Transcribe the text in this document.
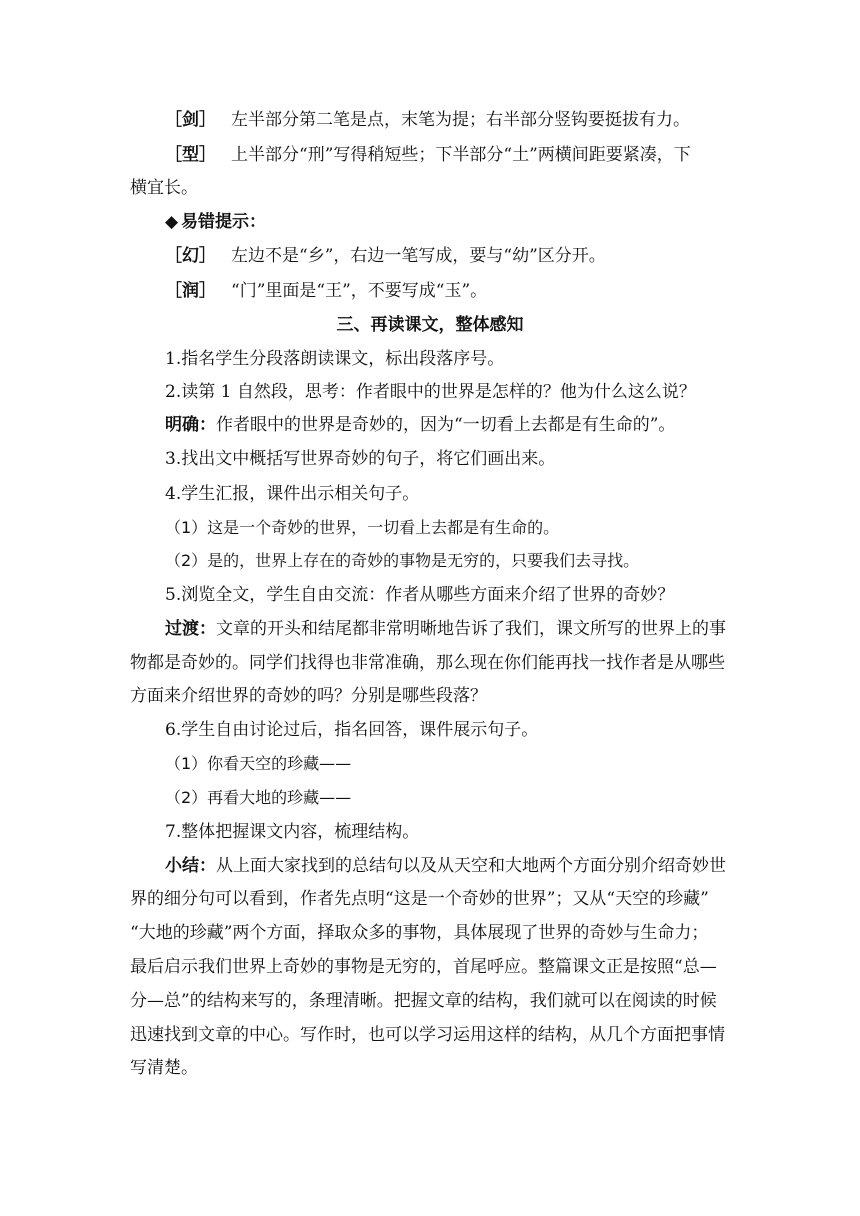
［剑］ 左半部分第二笔是点，末笔为提；右半部分竖钩要挺拔有力。
［型］ 上半部分“刑”写得稍短些；下半部分“土”两横间距要紧凑，下
横宜长。
◆ 易错提示：
［幻］ 左边不是“乡”，右边一笔写成，要与“幼”区分开。
［润］ “门”里面是“王”，不要写成“玉”。
三、再读课文，整体感知
1.指名学生分段落朗读课文，标出段落序号。
2.读第 1 自然段，思考：作者眼中的世界是怎样的？他为什么这么说？
明确：作者眼中的世界是奇妙的，因为“一切看上去都是有生命的”。
3.找出文中概括写世界奇妙的句子，将它们画出来。
4.学生汇报，课件出示相关句子。
（1）这是一个奇妙的世界，一切看上去都是有生命的。
（2）是的，世界上存在的奇妙的事物是无穷的，只要我们去寻找。
5.浏览全文，学生自由交流：作者从哪些方面来介绍了世界的奇妙？
过渡：文章的开头和结尾都非常明晰地告诉了我们，课文所写的世界上的事
物都是奇妙的。同学们找得也非常准确，那么现在你们能再找一找作者是从哪些
方面来介绍世界的奇妙的吗？分别是哪些段落？
6.学生自由讨论过后，指名回答，课件展示句子。
（1）你看天空的珍藏——
（2）再看大地的珍藏——
7.整体把握课文内容，梳理结构。
小结：从上面大家找到的总结句以及从天空和大地两个方面分别介绍奇妙世
界的细分句可以看到，作者先点明“这是一个奇妙的世界”；又从“天空的珍藏”
“大地的珍藏”两个方面，择取众多的事物，具体展现了世界的奇妙与生命力；
最后启示我们世界上奇妙的事物是无穷的，首尾呼应。整篇课文正是按照“总—
分—总”的结构来写的，条理清晰。把握文章的结构，我们就可以在阅读的时候
迅速找到文章的中心。写作时，也可以学习运用这样的结构，从几个方面把事情
写清楚。
